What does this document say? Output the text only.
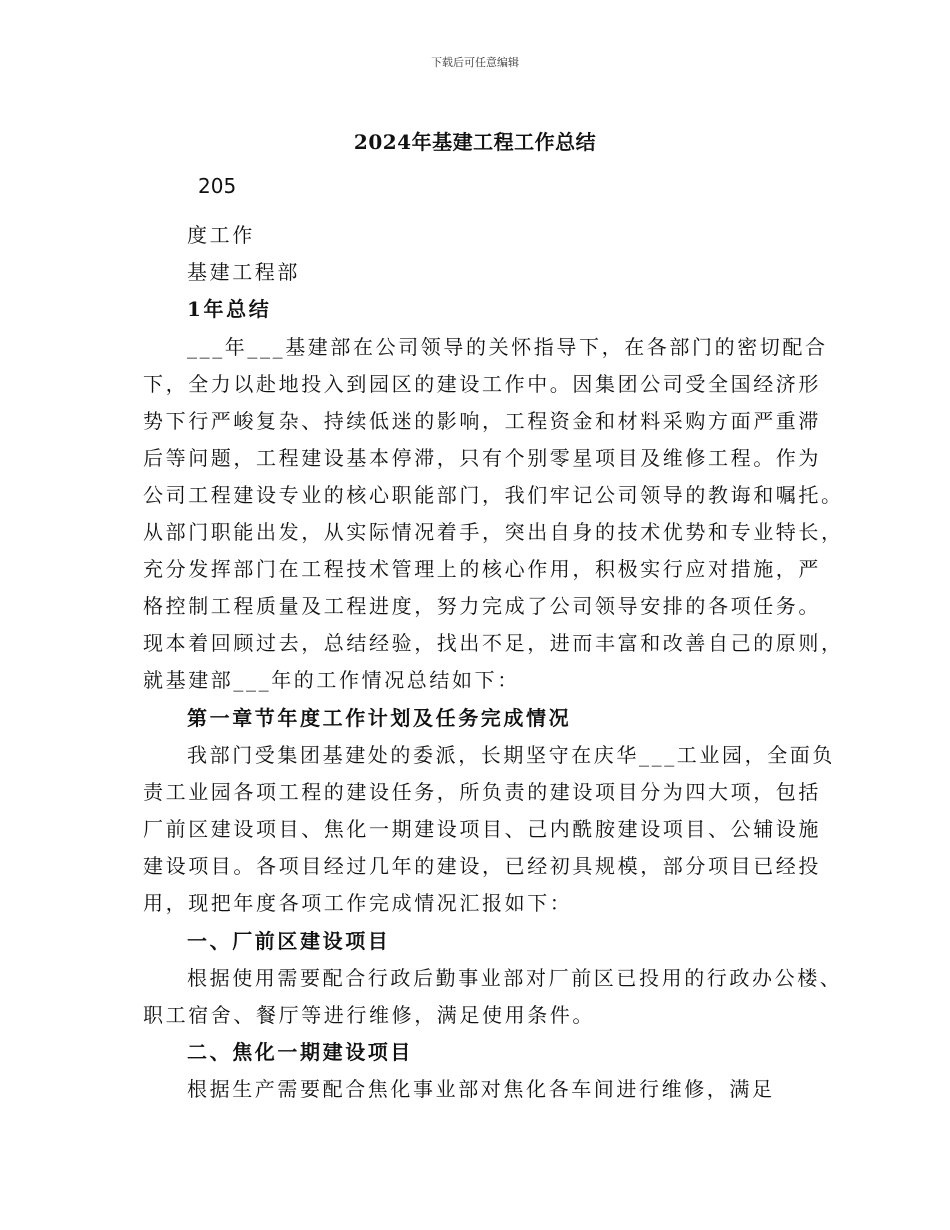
下载后可任意编辑
2024年基建工程工作总结
205
度工作
基建工程部
1年总结
___年___基建部在公司领导的关怀指导下，在各部门的密切配合
下，全力以赴地投入到园区的建设工作中。因集团公司受全国经济形
势下行严峻复杂、持续低迷的影响，工程资金和材料采购方面严重滞
后等问题，工程建设基本停滞，只有个别零星项目及维修工程。作为
公司工程建设专业的核心职能部门，我们牢记公司领导的教诲和嘱托。
从部门职能出发，从实际情况着手，突出自身的技术优势和专业特长，
充分发挥部门在工程技术管理上的核心作用，积极实行应对措施，严
格控制工程质量及工程进度，努力完成了公司领导安排的各项任务。
现本着回顾过去，总结经验，找出不足，进而丰富和改善自己的原则，
就基建部___年的工作情况总结如下：
第一章节年度工作计划及任务完成情况
我部门受集团基建处的委派，长期坚守在庆华___工业园，全面负
责工业园各项工程的建设任务，所负责的建设项目分为四大项，包括
厂前区建设项目、焦化一期建设项目、己内酰胺建设项目、公辅设施
建设项目。各项目经过几年的建设，已经初具规模，部分项目已经投
用，现把年度各项工作完成情况汇报如下：
一、厂前区建设项目
根据使用需要配合行政后勤事业部对厂前区已投用的行政办公楼、
职工宿舍、餐厅等进行维修，满足使用条件。
二、焦化一期建设项目
根据生产需要配合焦化事业部对焦化各车间进行维修，满足
